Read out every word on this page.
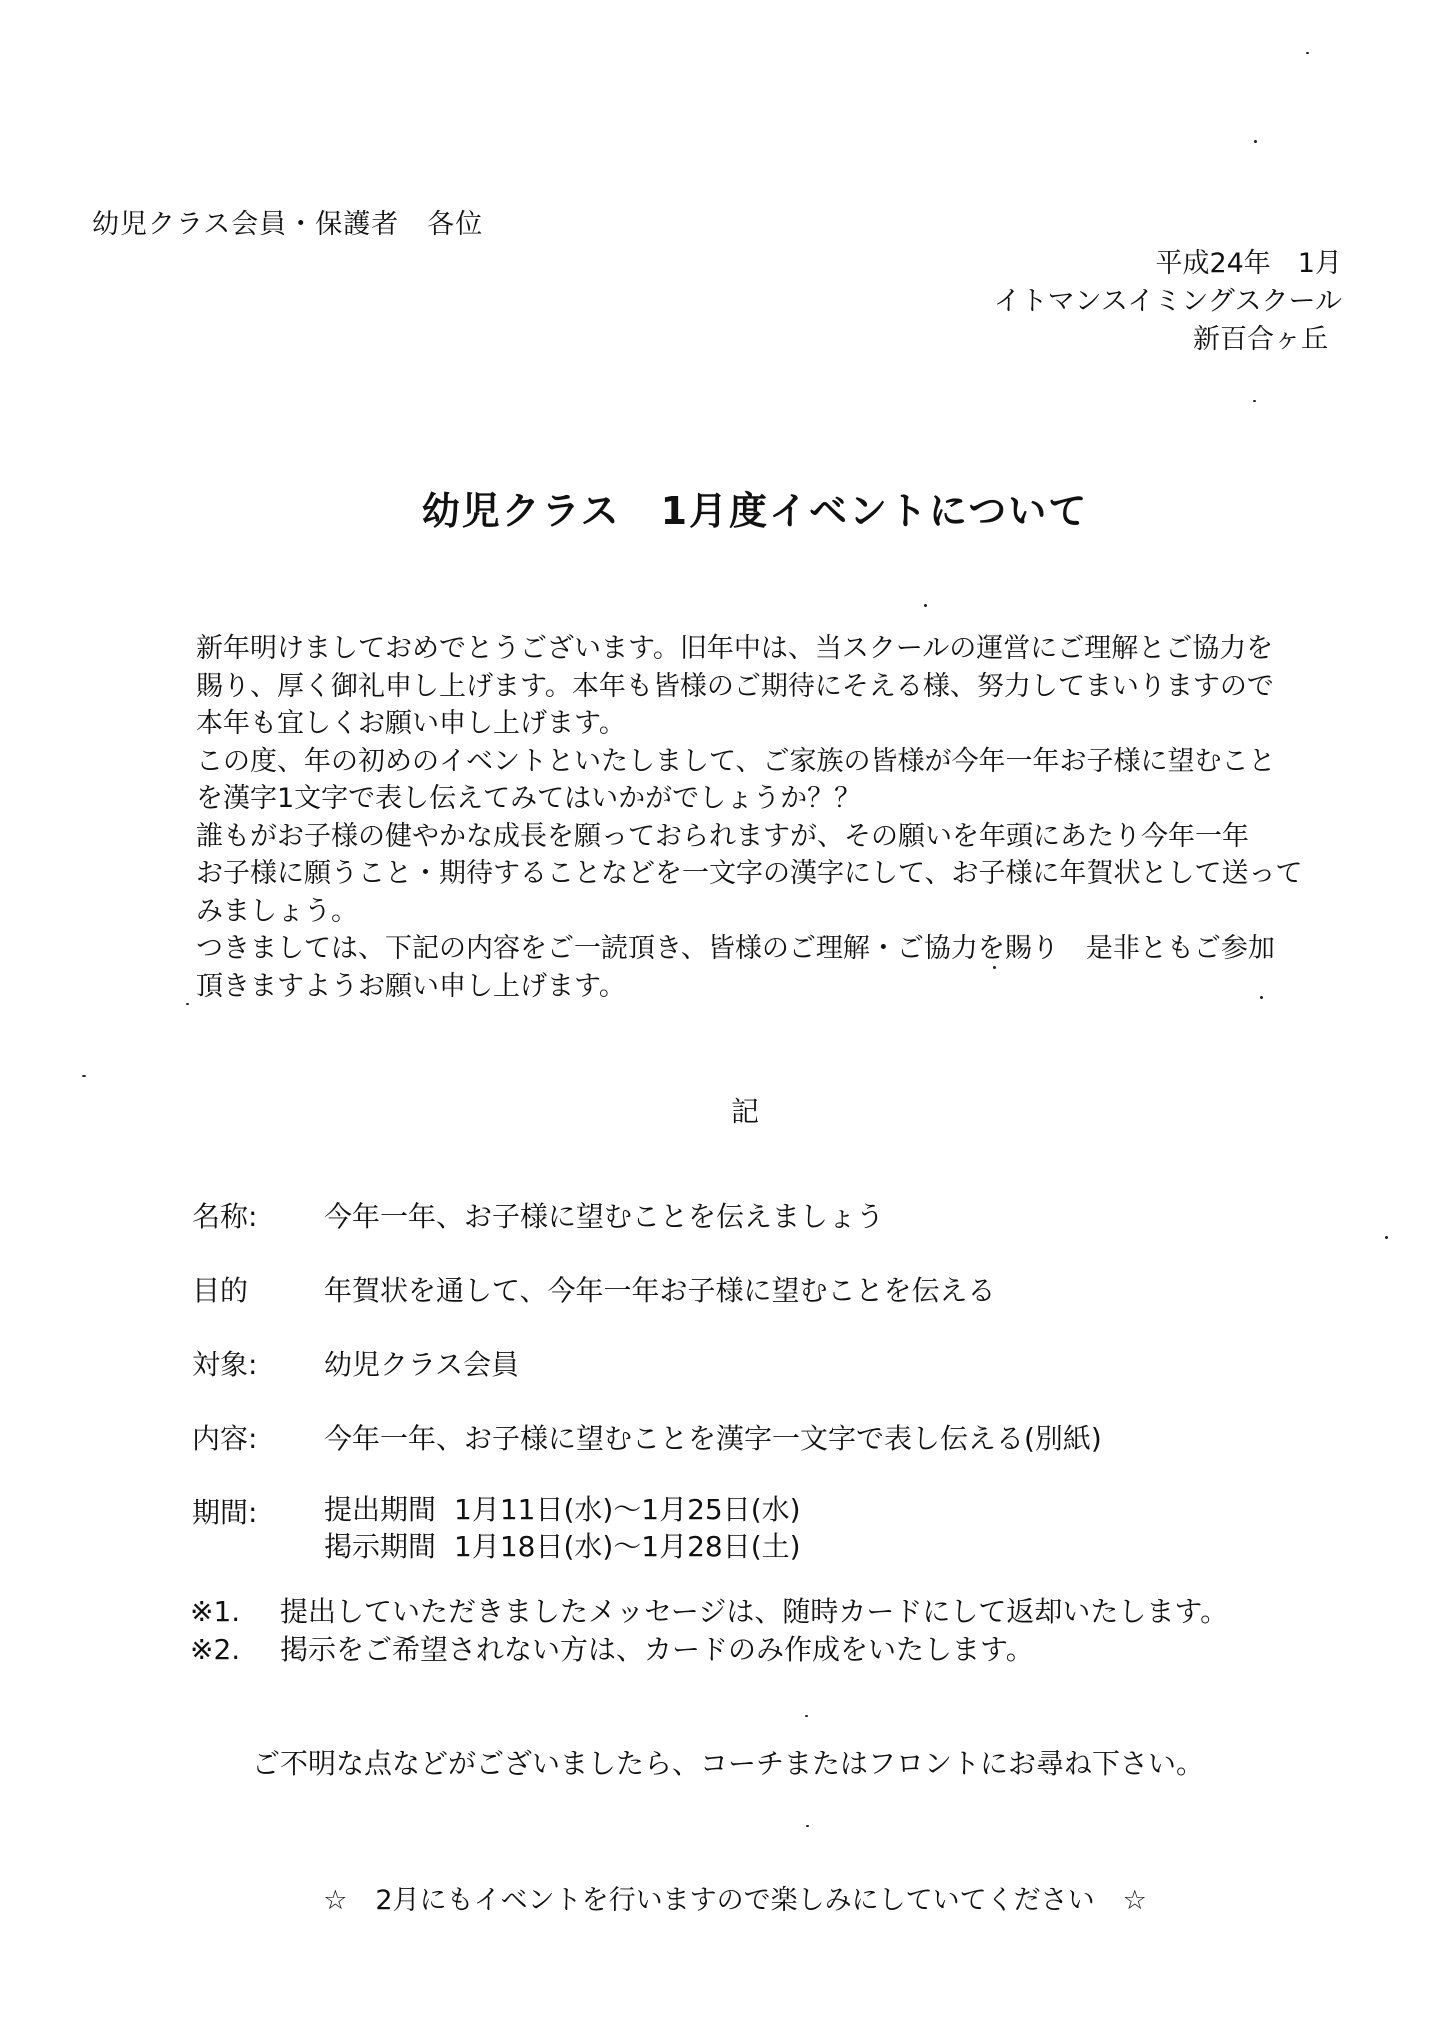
幼児クラス会員・保護者　各位
平成24年　1月
イトマンスイミングスクール
新百合ヶ丘
幼児クラス　1月度イベントについて
新年明けましておめでとうございます。旧年中は、当スクールの運営にご理解とご協力を
賜り、厚く御礼申し上げます。本年も皆様のご期待にそえる様、努力してまいりますので
本年も宜しくお願い申し上げます。
この度、年の初めのイベントといたしまして、ご家族の皆様が今年一年お子様に望むこと
を漢字1文字で表し伝えてみてはいかがでしょうか？？
誰もがお子様の健やかな成長を願っておられますが、その願いを年頭にあたり今年一年
お子様に願うこと・期待することなどを一文字の漢字にして、お子様に年賀状として送って
みましょう。
つきましては、下記の内容をご一読頂き、皆様のご理解・ご協力を賜り　是非ともご参加
頂きますようお願い申し上げます。
記
名称:	今年一年、お子様に望むことを伝えましょう
目的	年賀状を通して、今年一年お子様に望むことを伝える
対象:	幼児クラス会員
内容:	今年一年、お子様に望むことを漢字一文字で表し伝える(別紙)
期間:	提出期間 1月11日(水)～1月25日(水)
掲示期間 1月18日(水)～1月28日(土)
※1.	提出していただきましたメッセージは、随時カードにして返却いたします。
※2.	掲示をご希望されない方は、カードのみ作成をいたします。
ご不明な点などがございましたら、コーチまたはフロントにお尋ね下さい。
☆ 2月にもイベントを行いますので楽しみにしていてください ☆
